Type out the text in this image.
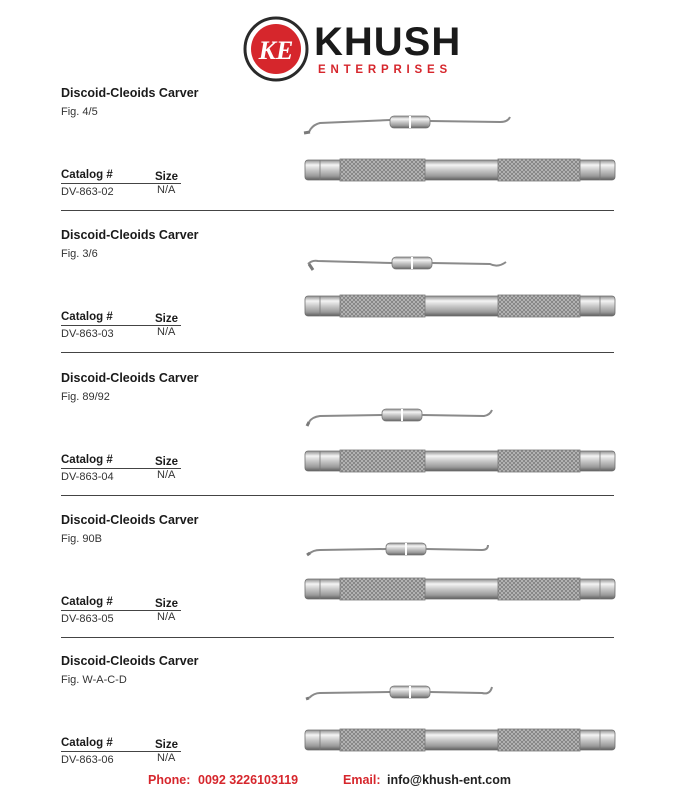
KE KHUSH
ENTERPRISES
Discoid-Cleoids Carver
Fig. 4/5
Catalog #	Size
DV-863-02	N/A
Discoid-Cleoids Carver
Fig. 3/6
Catalog #	Size
DV-863-03	N/A
Discoid-Cleoids Carver
Fig. 89/92
Catalog #	Size
DV-863-04	N/A
Discoid-Cleoids Carver
Fig. 90B
Catalog #	Size
DV-863-05	N/A
Discoid-Cleoids Carver
Fig. W-A-C-D
Catalog #	Size
DV-863-06	N/A
Phone: 0092 3226103119	Email: info@khush-ent.com
